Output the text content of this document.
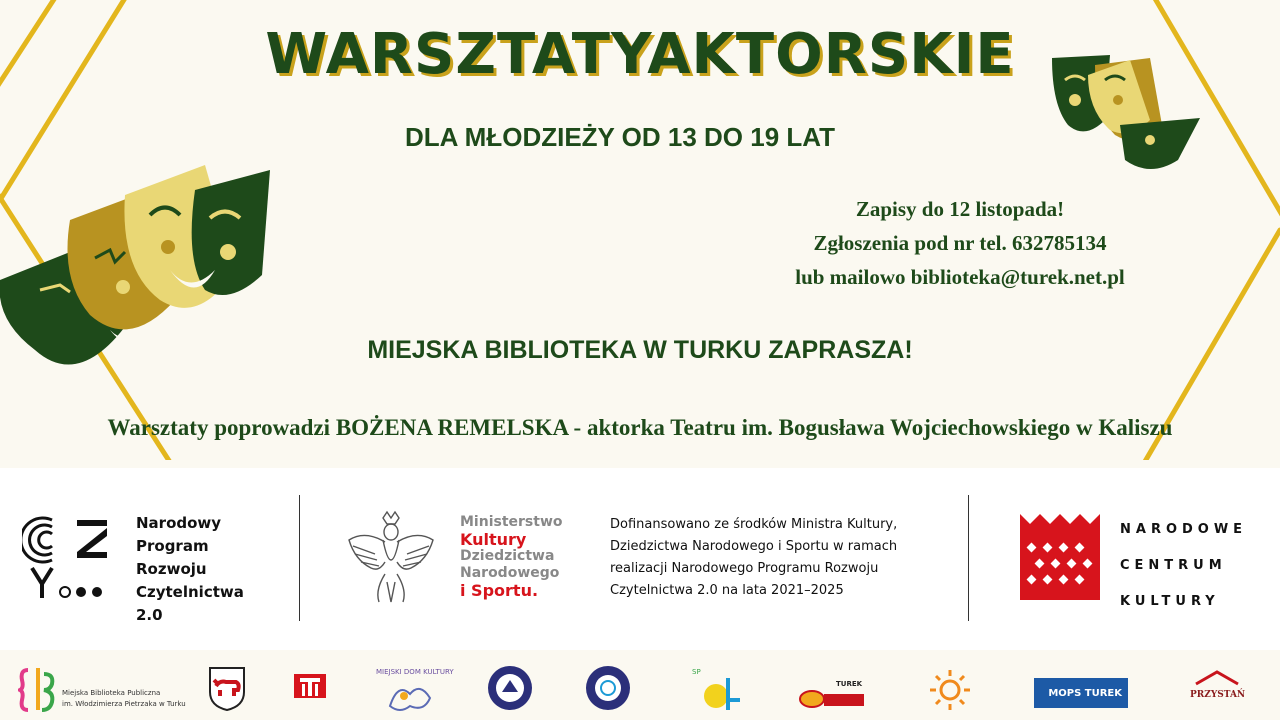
WARSZTATYAKTORSKIE
DLA MŁODZIEŻY OD 13 DO 19 LAT
Zapisy do 12 listopada!
Zgłoszenia pod nr tel. 632785134
lub mailowo biblioteka@turek.net.pl
MIEJSKA BIBLIOTEKA W TURKU ZAPRASZA!
Warsztaty poprowadzi BOŻENA REMELSKA - aktorka Teatru im. Bogusława Wojciechowskiego w Kaliszu
Narodowy
Program
Rozwoju
Czytelnictwa
2.0
Ministerstwo
Kultury
Dziedzictwa
Narodowego
i Sportu.
Dofinansowano ze środków Ministra Kultury,
Dziedzictwa Narodowego i Sportu w ramach
realizacji Narodowego Programu Rozwoju
Czytelnictwa 2.0 na lata 2021–2025
NARODOWE
CENTRUM
KULTURY
Miejska Biblioteka Publiczna
im. Włodzimierza Pietrzaka w Turku
MIEJSKI DOM KULTURY	SP
TUREK
MOPS TUREK	PRZYSTAŃ
